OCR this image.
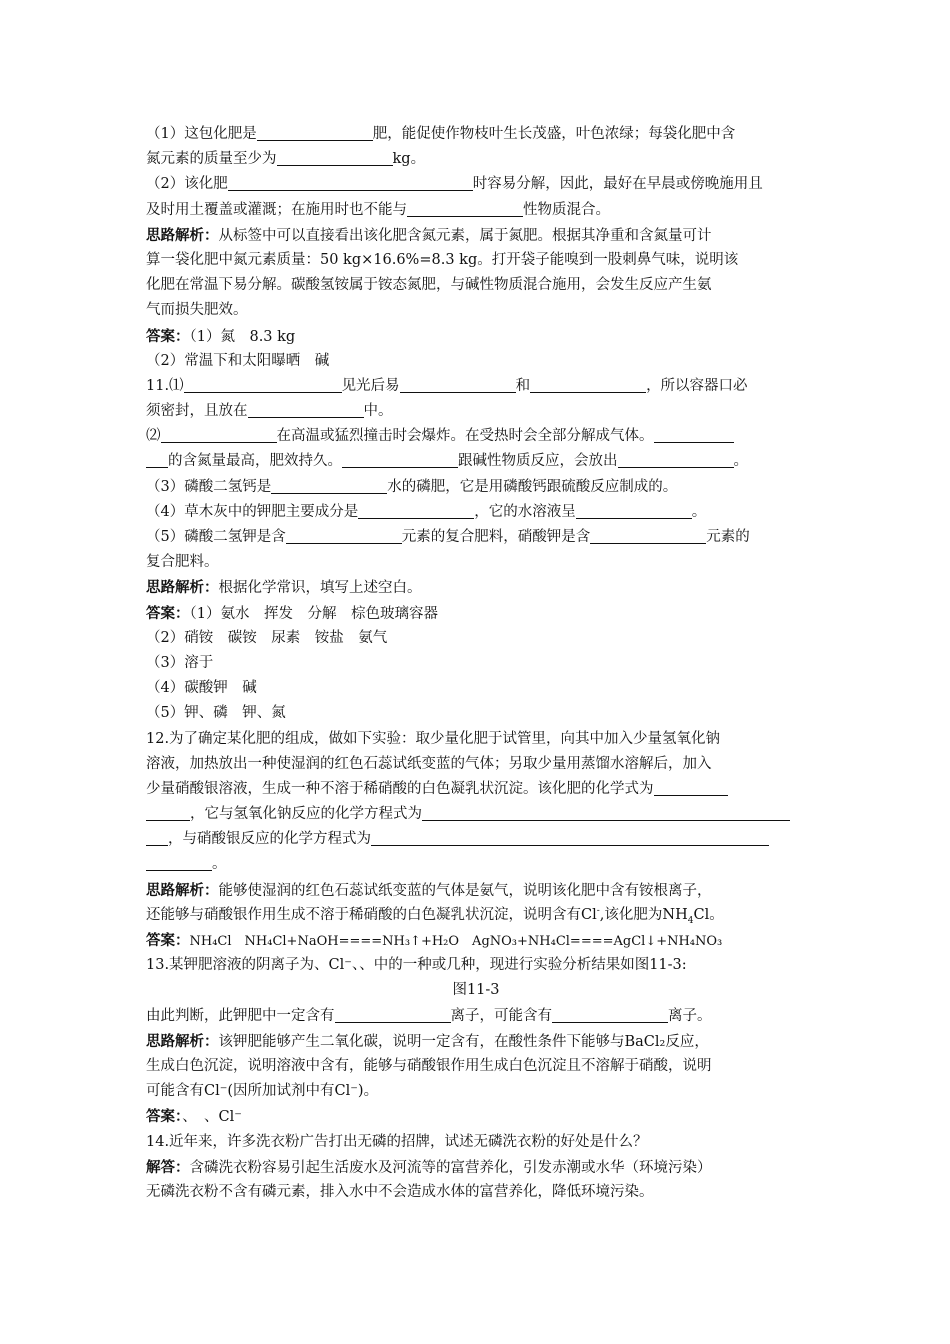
（1）这包化肥是	肥，能促使作物枝叶生长茂盛，叶色浓绿；每袋化肥中含
氮元素的质量至少为	kg。
（2）该化肥	时容易分解，因此，最好在早晨或傍晚施用且
及时用土覆盖或灌溉；在施用时也不能与	性物质混合。
思路解析：从标签中可以直接看出该化肥含氮元素，属于氮肥。根据其净重和含氮量可计
算一袋化肥中氮元素质量：50 kg×16.6%=8.3 kg。打开袋子能嗅到一股刺鼻气味，说明该
化肥在常温下易分解。碳酸氢铵属于铵态氮肥，与碱性物质混合施用，会发生反应产生氨
气而损失肥效。
答案：（1）氮　8.3 kg
（2）常温下和太阳曝晒　碱
11.⑴	见光后易	和	，所以容器口必
须密封，且放在	中。
⑵	在高温或猛烈撞击时会爆炸。在受热时会全部分解成气体。
的含氮量最高，肥效持久。	跟碱性物质反应，会放出	。
（3）磷酸二氢钙是	水的磷肥，它是用磷酸钙跟硫酸反应制成的。
（4）草木灰中的钾肥主要成分是	，它的水溶液呈	。
（5）磷酸二氢钾是含	元素的复合肥料，硝酸钾是含	元素的
复合肥料。
思路解析：根据化学常识，填写上述空白。
答案：（1）氨水　挥发　分解　棕色玻璃容器
（2）硝铵　碳铵　尿素　铵盐　氨气
（3）溶于
（4）碳酸钾　碱
（5）钾、磷　钾、氮
12.为了确定某化肥的组成，做如下实验：取少量化肥于试管里，向其中加入少量氢氧化钠
溶液，加热放出一种使湿润的红色石蕊试纸变蓝的气体；另取少量用蒸馏水溶解后，加入
少量硝酸银溶液，生成一种不溶于稀硝酸的白色凝乳状沉淀。该化肥的化学式为
，它与氢氧化钠反应的化学方程式为
，与硝酸银反应的化学方程式为
。
思路解析：能够使湿润的红色石蕊试纸变蓝的气体是氨气，说明该化肥中含有铵根离子，
还能够与硝酸银作用生成不溶于稀硝酸的白色凝乳状沉淀，说明含有Cl-,该化肥为$NH_4Cl$。
答案：NH₄Cl　NH₄Cl+NaOH====NH₃↑+H₂O　AgNO₃+NH₄Cl====AgCl↓+NH₄NO₃
13.某钾肥溶液的阴离子为、Cl⁻、、中的一种或几种，现进行实验分析结果如图11-3:
图11-3
由此判断，此钾肥中一定含有	离子，可能含有	离子。
思路解析：该钾肥能够产生二氧化碳，说明一定含有，在酸性条件下能够与BaCl₂反应，
生成白色沉淀，说明溶液中含有，能够与硝酸银作用生成白色沉淀且不溶解于硝酸，说明
可能含有Cl⁻(因所加试剂中有Cl⁻)。
答案：、　、Cl⁻
14.近年来，许多洗衣粉广告打出无磷的招牌，试述无磷洗衣粉的好处是什么？
解答：含磷洗衣粉容易引起生活废水及河流等的富营养化，引发赤潮或水华（环境污染）
无磷洗衣粉不含有磷元素，排入水中不会造成水体的富营养化，降低环境污染。
